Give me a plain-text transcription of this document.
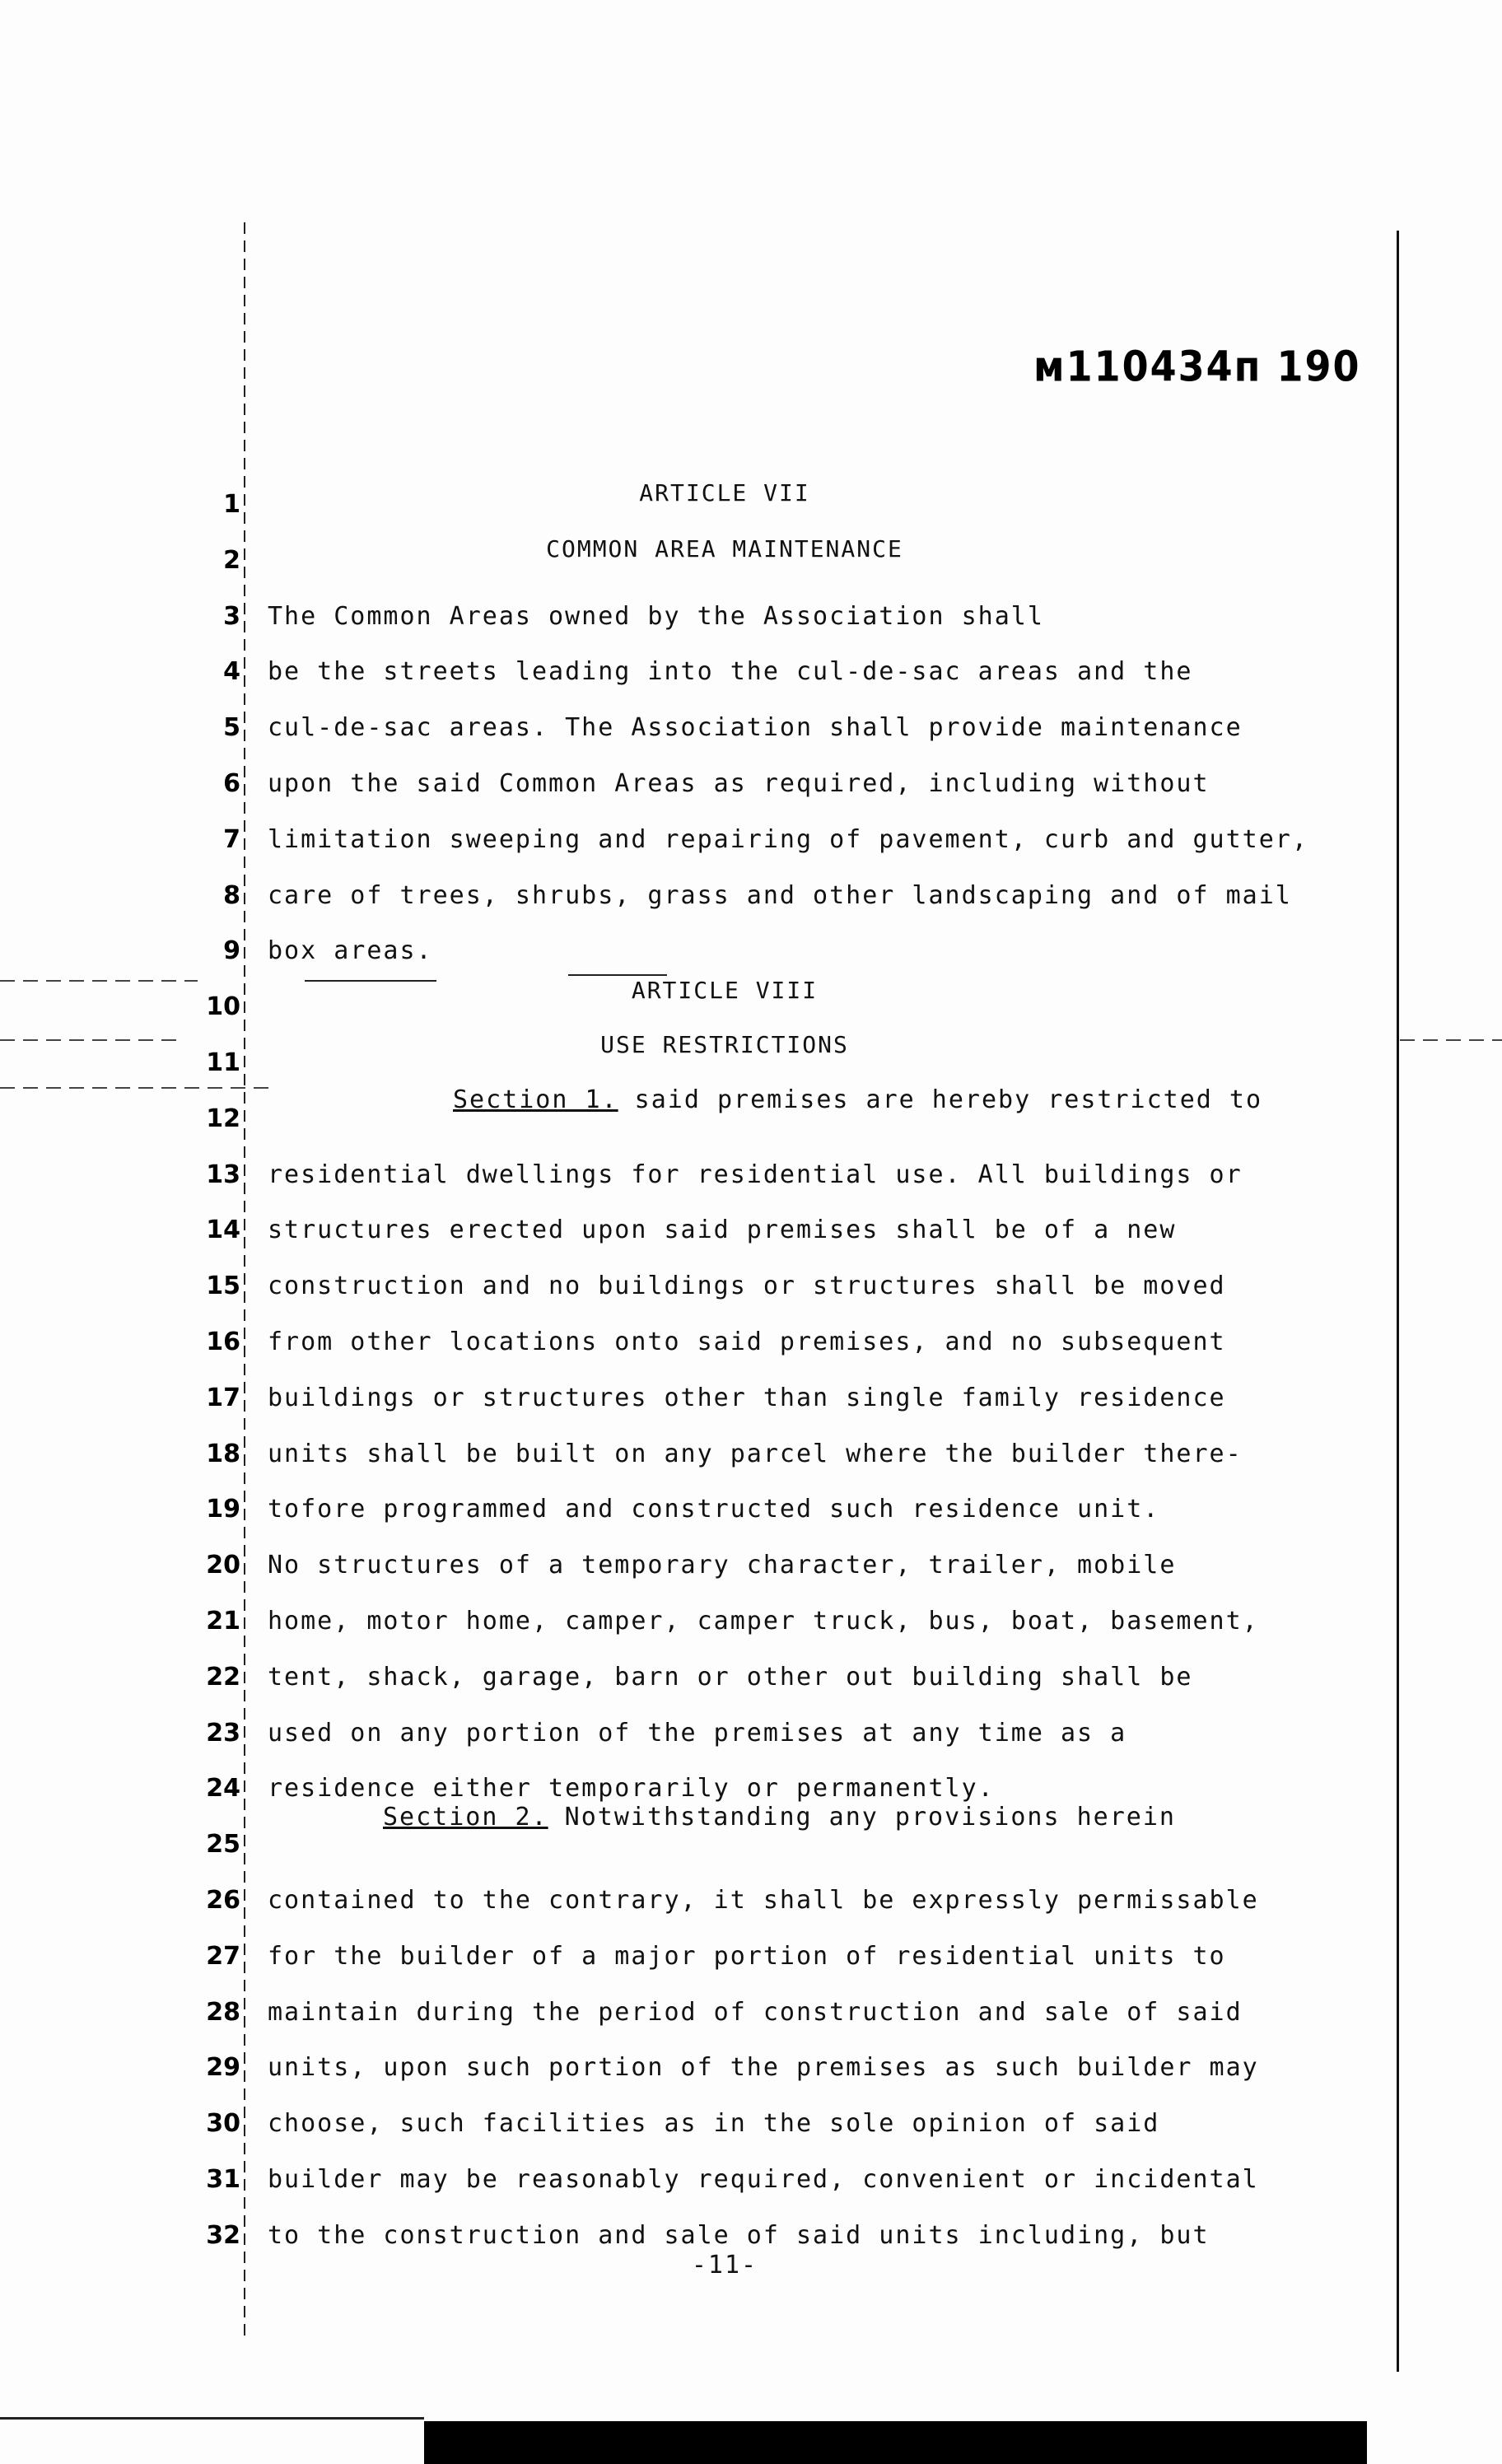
м110434п 190
ARTICLE VII
COMMON AREA MAINTENANCE
ARTICLE VIII
USE RESTRICTIONS
Section 1. said premises are hereby restricted to
Section 2. Notwithstanding any provisions herein
1
2
3 The Common Areas owned by the Association shall
4 be the streets leading into the cul-de-sac areas and the
5 cul-de-sac areas. The Association shall provide maintenance
6 upon the said Common Areas as required, including without
7 limitation sweeping and repairing of pavement, curb and gutter,
8 care of trees, shrubs, grass and other landscaping and of mail
9 box areas.
10
11
12
13 residential dwellings for residential use. All buildings or
14 structures erected upon said premises shall be of a new
15 construction and no buildings or structures shall be moved
16 from other locations onto said premises, and no subsequent
17 buildings or structures other than single family residence
18 units shall be built on any parcel where the builder there-
19 tofore programmed and constructed such residence unit.
20 No structures of a temporary character, trailer, mobile
21 home, motor home, camper, camper truck, bus, boat, basement,
22 tent, shack, garage, barn or other out building shall be
23 used on any portion of the premises at any time as a
24 residence either temporarily or permanently.
25
26 contained to the contrary, it shall be expressly permissable
27 for the builder of a major portion of residential units to
28 maintain during the period of construction and sale of said
29 units, upon such portion of the premises as such builder may
30 choose, such facilities as in the sole opinion of said
31 builder may be reasonably required, convenient or incidental
32 to the construction and sale of said units including, but
-11-
